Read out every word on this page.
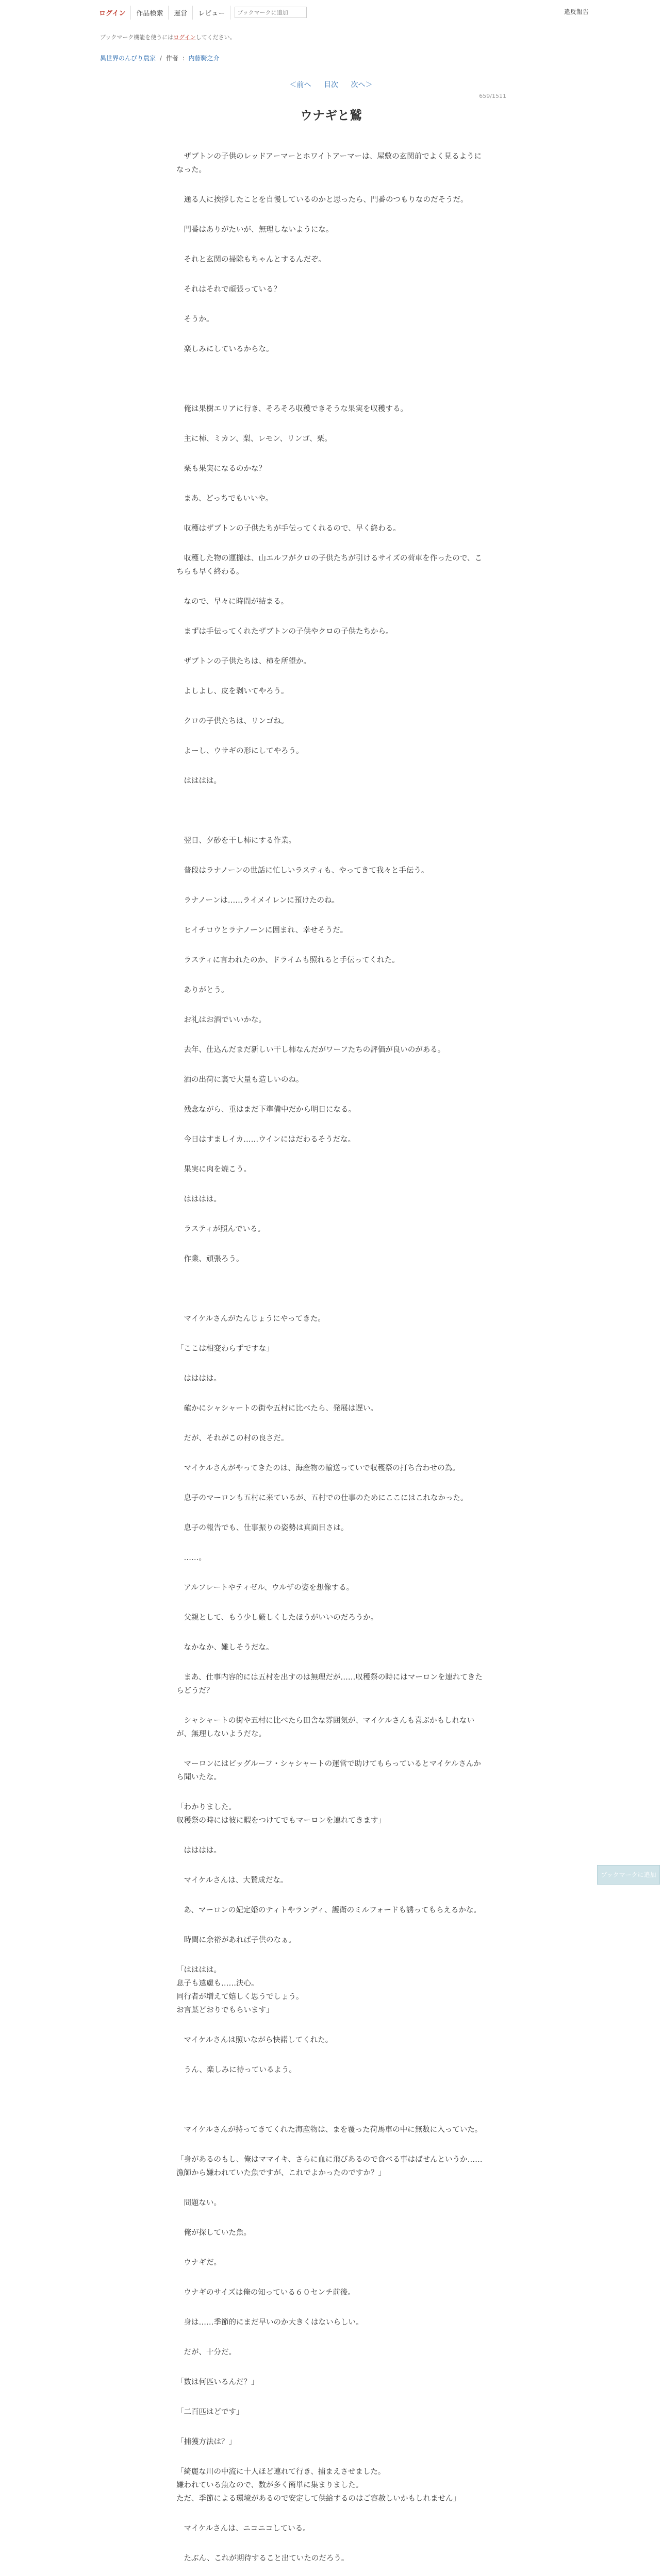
ログイン	作品検索	運営	レビュー
ブックマークに追加	違反報告
ブックマーク機能を使うにはログインしてください。
異世界のんびり農家 / 作者 : 内藤騎之介
＜前へ 目次 次へ＞
659/1511
ウナギと鷲

　ザブトンの子供のレッドアーマーとホワイトアーマーは、屋敷の玄関前でよく見るようになった。

　通る人に挨拶したことを自慢しているのかと思ったら、門番のつもりなのだそうだ。

　門番はありがたいが、無理しないようにな。

　それと玄関の掃除もちゃんとするんだぞ。

　それはそれで頑張っている？

　そうか。

　楽しみにしているからな。

　俺は果樹エリアに行き、そろそろ収穫できそうな果実を収穫する。

　主に柿、ミカン、梨、レモン、リンゴ、栗。

　栗も果実になるのかな？

　まあ、どっちでもいいや。

　収穫はザブトンの子供たちが手伝ってくれるので、早く終わる。

　収穫した物の運搬は、山エルフがクロの子供たちが引けるサイズの荷車を作ったので、こちらも早く終わる。

　なので、早々に時間が結まる。

　まずは手伝ってくれたザブトンの子供やクロの子供たちから。

　ザブトンの子供たちは、柿を所望か。

　よしよし、皮を剥いてやろう。

　クロの子供たちは、リンゴね。

　よーし、ウサギの形にしてやろう。

　はははは。

　翌日、夕砂を干し柿にする作業。

　普段はラナノーンの世話に忙しいラスティも、やってきて我々と手伝う。

　ラナノーンは……ライメイレンに預けたのね。

　ヒイチロウとラナノーンに囲まれ、幸せそうだ。

　ラスティに言われたのか、ドライムも照れると手伝ってくれた。

　ありがとう。

　お礼はお酒でいいかな。

　去年、仕込んだまだ新しい干し柿なんだがワーフたちの評価が良いのがある。

　酒の出荷に裏で大量も造しいのね。

　残念ながら、重はまだ下準備中だから明日になる。

　今日はすましイカ……ウインにはだわるそうだな。

　果実に肉を焼こう。

　はははは。

　ラスティが照んでいる。

　作業、頑張ろう。

　マイケルさんがたんじょうにやってきた。

「ここは相変わらずですな」

　はははは。

　確かにシャシャートの街や五村に比べたら、発展は遅い。

　だが、それがこの村の良さだ。

　マイケルさんがやってきたのは、海産物の輸送っていで収穫祭の打ち合わせの為。

　息子のマーロンも五村に来ているが、五村での仕事のためにここにはこれなかった。

　息子の報告でも、仕事振りの姿勢は真面目さは。

　……。

　アルフレートやティゼル、ウルザの姿を想像する。

　父親として、もう少し厳しくしたほうがいいのだろうか。

　なかなか、難しそうだな。

　まあ、仕事内容的には五村を出すのは無理だが……収穫祭の時にはマーロンを連れてきたらどうだ？

　シャシャートの街や五村に比べたら田舎な雰囲気が、マイケルさんも喜ぶかもしれないが、無理しないようだな。

　マーロンにはビッグルーフ・シャシャートの運営で助けてもらっているとマイケルさんから聞いたな。

「わかりました。
収穫祭の時には彼に暇をつけてでもマーロンを連れてきます」

　はははは。

　マイケルさんは、大賛成だな。

　あ、マーロンの妃定婚のティトやランディ、護衛のミルフォードも誘ってもらえるかな。

　時間に余裕があれば子供のなぁ。

「はははは。
息子も遠慮も……決心。
同行者が増えて嬉しく思うでしょう。
お言葉どおりでもらいます」

　マイケルさんは照いながら快諾してくれた。

　うん、楽しみに待っているよう。

　マイケルさんが持ってきてくれた海産物は、まを覆った荷馬車の中に無数に入っていた。

「身があるのもし、俺はママイキ、さらに血に飛びあるので食べる事はばせんというか……漁師から嫌われていた魚ですが、これでよかったのですか？」

　問題ない。

　俺が探していた魚。

　ウナギだ。

　ウナギのサイズは俺の知っている６０センチ前後。

　身は……季節的にまだ早いのか大きくはないらしい。

　だが、十分だ。

「数は何匹いるんだ？」

「二百匹はどです」

「捕獲方法は？」

「綺麗な川の中流に十人ほど連れて行き、捕まえさせました。
嫌われている魚なので、数が多く簡単に集まりました。
ただ、季節による環境があるので安定して供給するのはご容赦しいかもしれません」

　マイケルさんは、ニコニコしている。

　たぶん、これが期待すること出ていたのだろう。

ブックマークに追加
